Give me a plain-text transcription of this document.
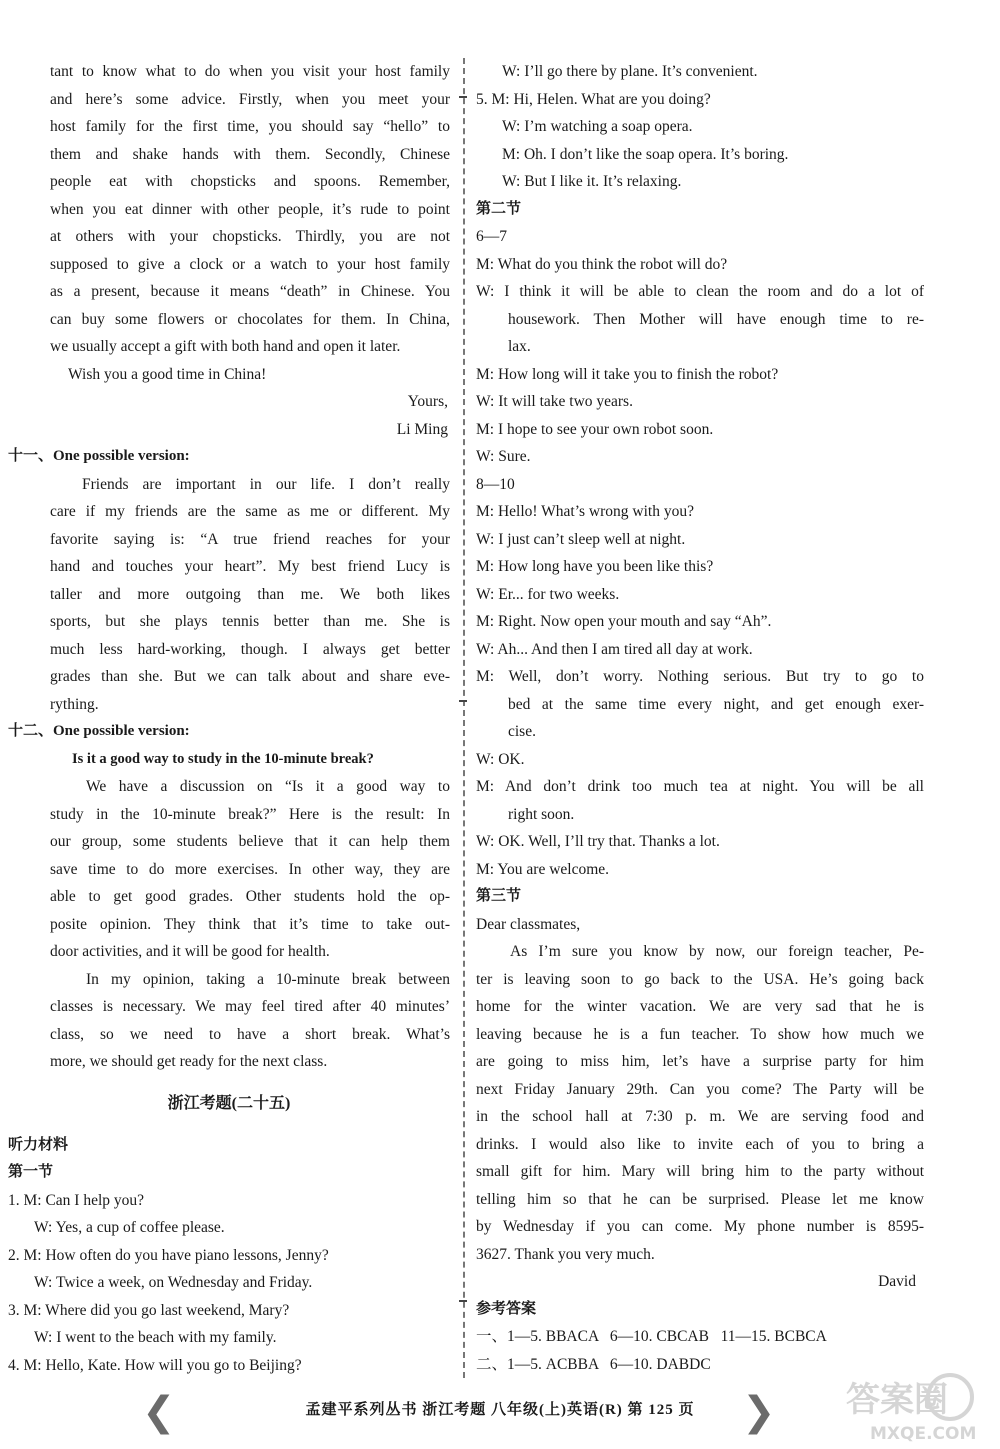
tant to know what to do when you visit your host family
and here’s some advice. Firstly, when you meet your
host family for the first time, you should say “hello” to
them and shake hands with them. Secondly, Chinese
people eat with chopsticks and spoons. Remember,
when you eat dinner with other people, it’s rude to point
at others with your chopsticks. Thirdly, you are not
supposed to give a clock or a watch to your host family
as a present, because it means “death” in Chinese. You
can buy some flowers or chocolates for them. In China,
we usually accept a gift with both hand and open it later.
Wish you a good time in China!
Yours,
Li Ming
十一、One possible version:
Friends are important in our life. I don’t really
care if my friends are the same as me or different. My
favorite saying is: “A true friend reaches for your
hand and touches your heart”. My best friend Lucy is
taller and more outgoing than me. We both likes
sports, but she plays tennis better than me. She is
much less hard-working, though. I always get better
grades than she. But we can talk about and share eve-
rything.
十二、One possible version:
Is it a good way to study in the 10-minute break?
We have a discussion on “Is it a good way to
study in the 10-minute break?” Here is the result: In
our group, some students believe that it can help them
save time to do more exercises. In other way, they are
able to get good grades. Other students hold the op-
posite opinion. They think that it’s time to take out-
door activities, and it will be good for health.
In my opinion, taking a 10-minute break between
classes is necessary. We may feel tired after 40 minutes’
class, so we need to have a short break. What’s
more, we should get ready for the next class.
浙江考题(二十五)
听力材料
第一节
1. M: Can I help you?
W: Yes, a cup of coffee please.
2. M: How often do you have piano lessons, Jenny?
W: Twice a week, on Wednesday and Friday.
3. M: Where did you go last weekend, Mary?
W: I went to the beach with my family.
4. M: Hello, Kate. How will you go to Beijing?
W: I’ll go there by plane. It’s convenient.
5. M: Hi, Helen. What are you doing?
W: I’m watching a soap opera.
M: Oh. I don’t like the soap opera. It’s boring.
W: But I like it. It’s relaxing.
第二节
6—7
M: What do you think the robot will do?
W: I think it will be able to clean the room and do a lot of
housework. Then Mother will have enough time to re-
lax.
M: How long will it take you to finish the robot?
W: It will take two years.
M: I hope to see your own robot soon.
W: Sure.
8—10
M: Hello! What’s wrong with you?
W: I just can’t sleep well at night.
M: How long have you been like this?
W: Er... for two weeks.
M: Right. Now open your mouth and say “Ah”.
W: Ah... And then I am tired all day at work.
M: Well, don’t worry. Nothing serious. But try to go to
bed at the same time every night, and get enough exer-
cise.
W: OK.
M: And don’t drink too much tea at night. You will be all
right soon.
W: OK. Well, I’ll try that. Thanks a lot.
M: You are welcome.
第三节
Dear classmates,
As I’m sure you know by now, our foreign teacher, Pe-
ter is leaving soon to go back to the USA. He’s going back
home for the winter vacation. We are very sad that he is
leaving because he is a fun teacher. To show how much we
are going to miss him, let’s have a surprise party for him
next Friday January 29th. Can you come? The Party will be
in the school hall at 7:30 p. m. We are serving food and
drinks. I would also like to invite each of you to bring a
small gift for him. Mary will bring him to the party without
telling him so that he can be surprised. Please let me know
by Wednesday if you can come. My phone number is 8595-
3627. Thank you very much.
David
参考答案
一、1—5. BBACA   6—10. CBCAB   11—15. BCBCA
二、1—5. ACBBA   6—10. DABDC
❮	孟建平系列丛书 浙江考题 八年级(上)英语(R) 第 125 页	❯ 答案圈
MXQE.COM
